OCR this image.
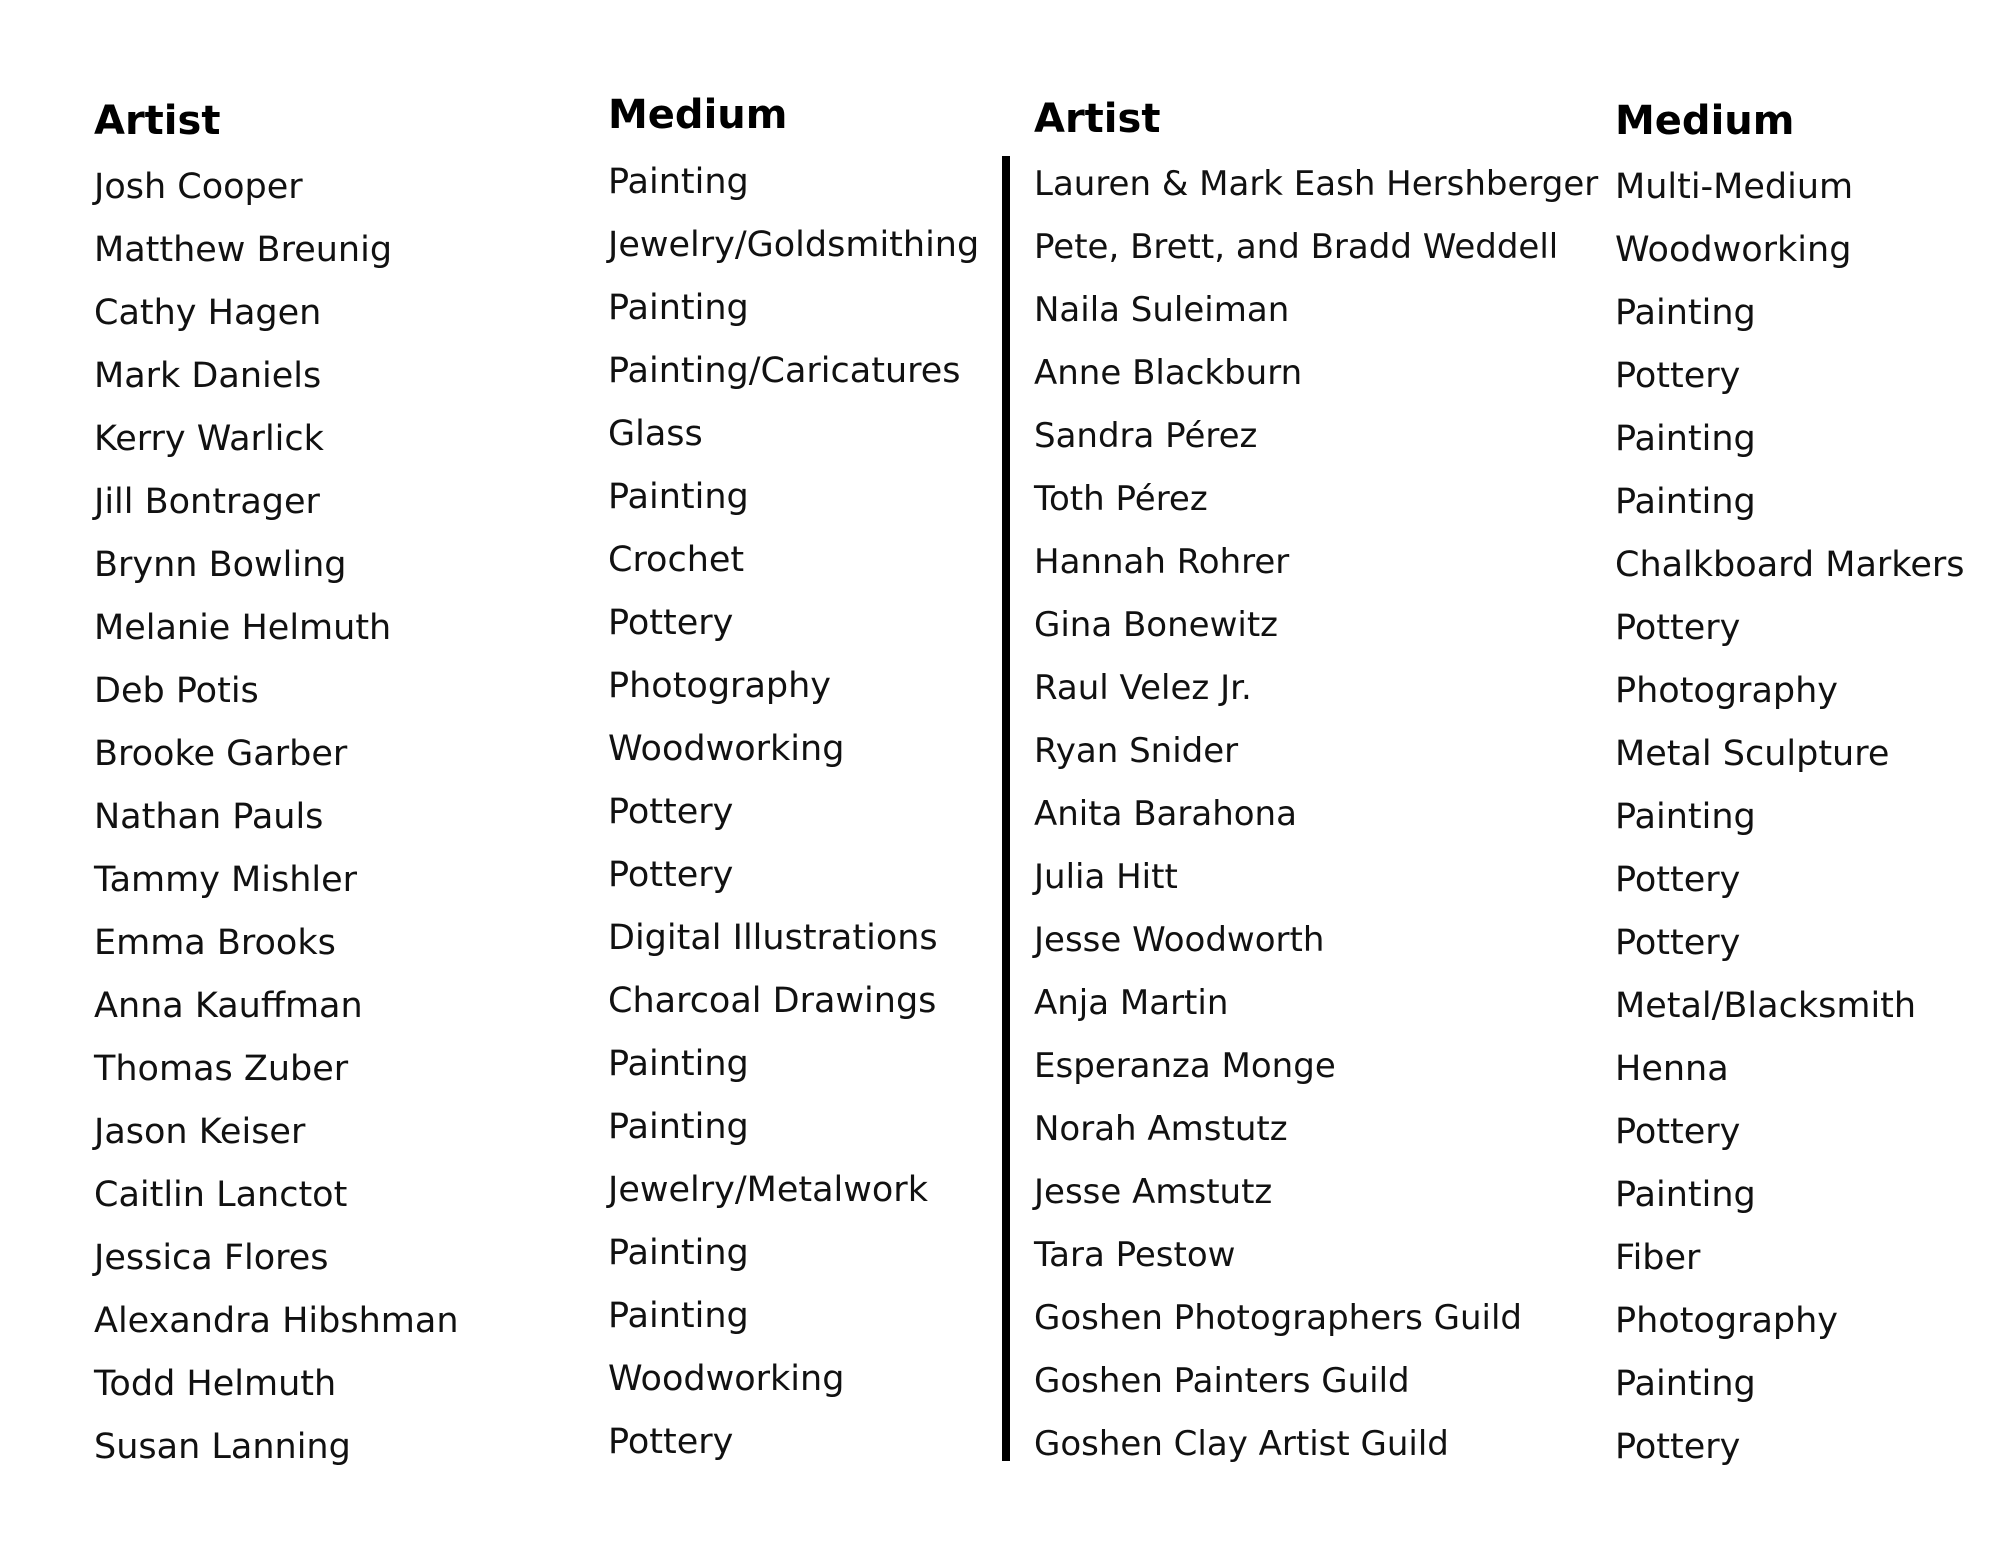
Artist
Josh Cooper
Matthew Breunig
Cathy Hagen
Mark Daniels
Kerry Warlick
Jill Bontrager
Brynn Bowling
Melanie Helmuth
Deb Potis
Brooke Garber
Nathan Pauls
Tammy Mishler
Emma Brooks
Anna Kauffman
Thomas Zuber
Jason Keiser
Caitlin Lanctot
Jessica Flores
Alexandra Hibshman
Todd Helmuth
Susan Lanning
Medium
Painting
Jewelry/Goldsmithing
Painting
Painting/Caricatures
Glass
Painting
Crochet
Pottery
Photography
Woodworking
Pottery
Pottery
Digital Illustrations
Charcoal Drawings
Painting
Painting
Jewelry/Metalwork
Painting
Painting
Woodworking
Pottery
Artist
Lauren & Mark Eash Hershberger
Pete, Brett, and Bradd Weddell
Naila Suleiman
Anne Blackburn
Sandra Pérez
Toth Pérez
Hannah Rohrer
Gina Bonewitz
Raul Velez Jr.
Ryan Snider
Anita Barahona
Julia Hitt
Jesse Woodworth
Anja Martin
Esperanza Monge
Norah Amstutz
Jesse Amstutz
Tara Pestow
Goshen Photographers Guild
Goshen Painters Guild
Goshen Clay Artist Guild
Medium
Multi-Medium
Woodworking
Painting
Pottery
Painting
Painting
Chalkboard Markers
Pottery
Photography
Metal Sculpture
Painting
Pottery
Pottery
Metal/Blacksmith
Henna
Pottery
Painting
Fiber
Photography
Painting
Pottery
